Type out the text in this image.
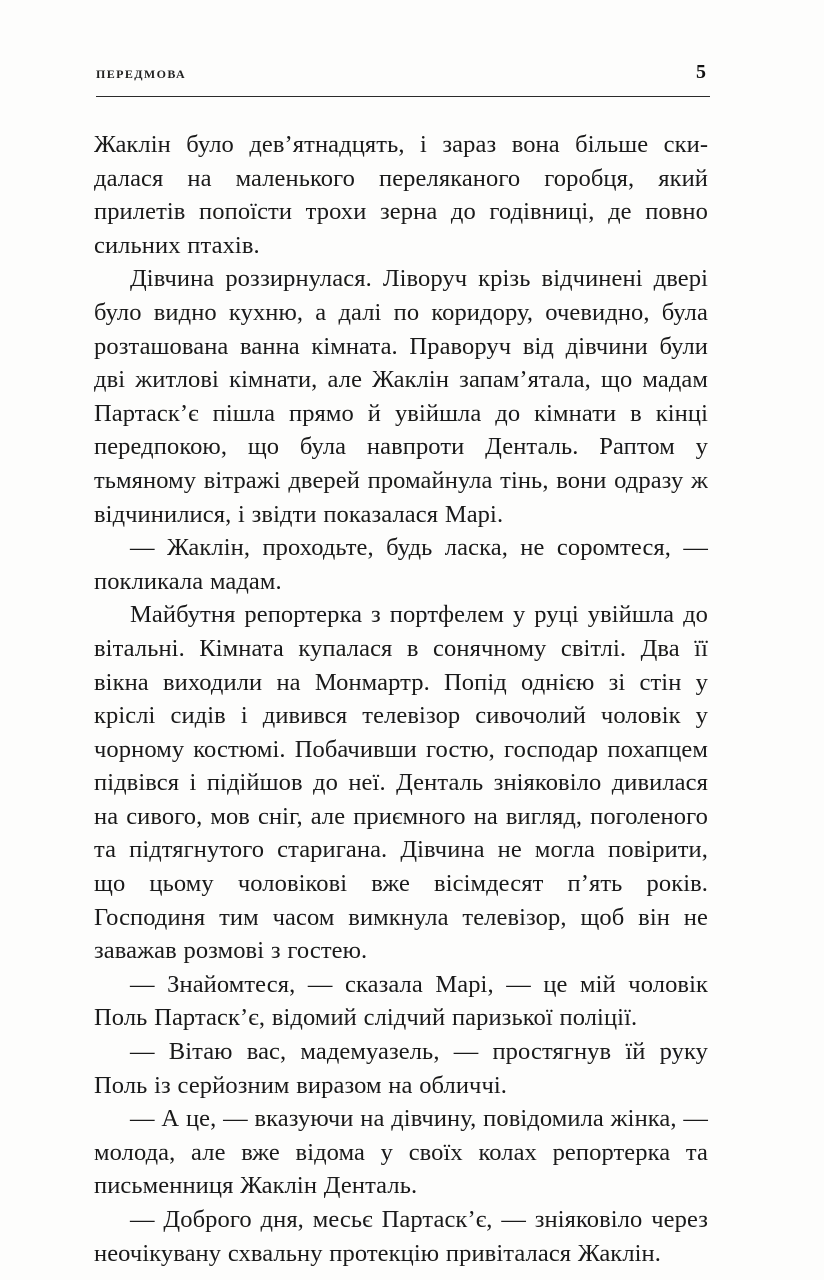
ПЕРЕДМОВА	5

Жаклін було дев’ятнадцять, і зараз вона більше скидалася на маленького переляканого горобця, який прилетів попоїсти трохи зерна до годівниці, де повно сильних птахів.

Дівчина роззирнулася. Ліворуч крізь відчинені двері було видно кухню, а далі по коридору, очевидно, була розташована ванна кімната. Праворуч від дівчини були дві житлові кімнати, але Жаклін запам’ятала, що мадам Партаск’є пішла прямо й увійшла до кімнати в кінці передпокою, що була навпроти Денталь. Раптом у тьмяному вітражі дверей промайнула тінь, вони одразу ж відчинилися, і звідти показалася Марі.

— Жаклін, проходьте, будь ласка, не соромтеся, — покликала мадам.

Майбутня репортерка з портфелем у руці увійшла до вітальні. Кімната купалася в сонячному світлі. Два її вікна виходили на Монмартр. Попід однією зі стін у кріслі сидів і дивився телевізор сивочолий чоловік у чорному костюмі. Побачивши гостю, господар похапцем підвівся і підійшов до неї. Денталь зніяковіло дивилася на сивого, мов сніг, але приємного на вигляд, поголеного та підтягнутого старигана. Дівчина не могла повірити, що цьому чоловікові вже вісімдесят п’ять років. Господиня тим часом вимкнула телевізор, щоб він не заважав розмові з гостею.

— Знайомтеся, — сказала Марі, — це мій чоловік Поль Партаск’є, відомий слідчий паризької поліції.

— Вітаю вас, мадемуазель, — простягнув їй руку Поль із серйозним виразом на обличчі.

— А це, — вказуючи на дівчину, повідомила жінка, — молода, але вже відома у своїх колах репортерка та письменниця Жаклін Денталь.

— Доброго дня, месьє Партаск’є, — зніяковіло через неочікувану схвальну протекцію привіталася Жаклін.
